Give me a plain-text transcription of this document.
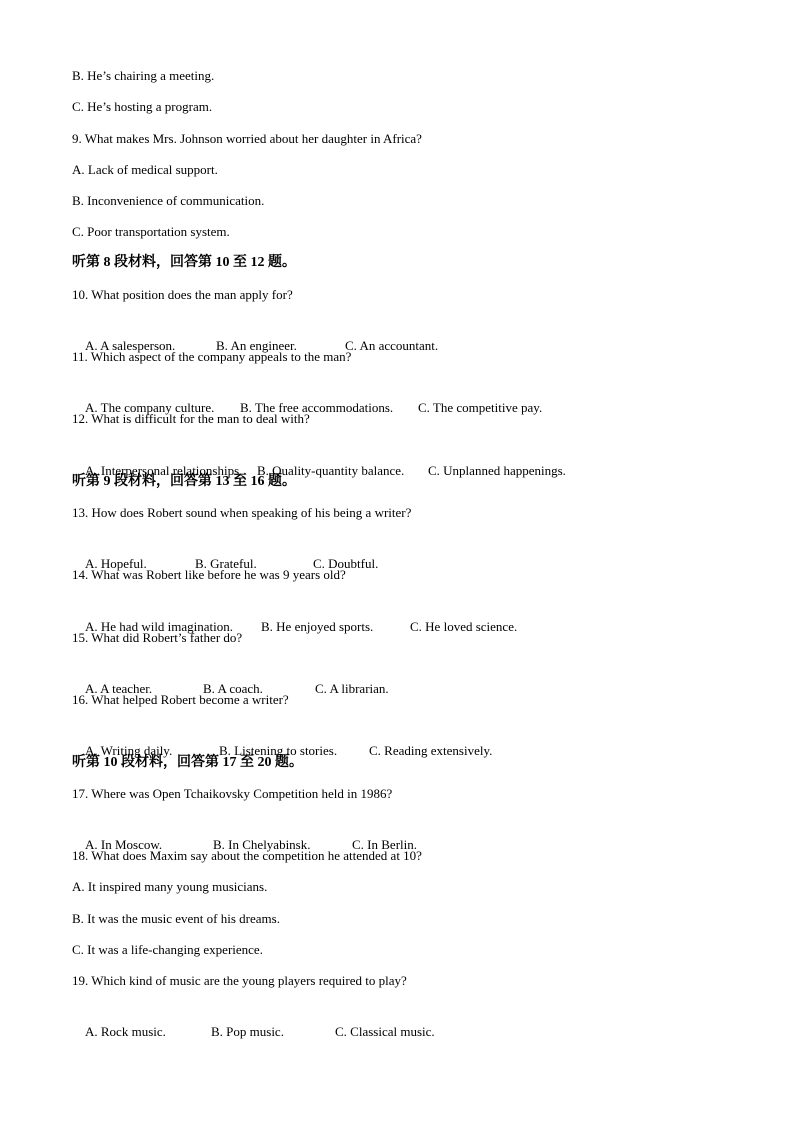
B. He’s chairing a meeting.
C. He’s hosting a program.
9. What makes Mrs. Johnson worried about her daughter in Africa?
A. Lack of medical support.
B. Inconvenience of communication.
C. Poor transportation system.
听第 8 段材料，回答第 10 至 12 题。
10. What position does the man apply for?

A. A salesperson.	B. An engineer.	C. An accountant.

11. Which aspect of the company appeals to the man?

A. The company culture. B. The free accommodations. C. The competitive pay.

12. What is difficult for the man to deal with?

A. Interpersonal relationships. B. Quality-quantity balance. C. Unplanned happenings.

听第 9 段材料，回答第 13 至 16 题。
13. How does Robert sound when speaking of his being a writer?

A. Hopeful.	B. Grateful.	C. Doubtful.

14. What was Robert like before he was 9 years old?

A. He had wild imagination. B. He enjoyed sports.	C. He loved science.

15. What did Robert’s father do?

A. A teacher.	B. A coach.	C. A librarian.

16. What helped Robert become a writer?

A. Writing daily.	B. Listening to stories. C. Reading extensively.

听第 10 段材料，回答第 17 至 20 题。
17. Where was Open Tchaikovsky Competition held in 1986?

A. In Moscow.	B. In Chelyabinsk.	C. In Berlin.

18. What does Maxim say about the competition he attended at 10?
A. It inspired many young musicians.
B. It was the music event of his dreams.
C. It was a life-changing experience.
19. Which kind of music are the young players required to play?

A. Rock music.	B. Pop music.	C. Classical music.
